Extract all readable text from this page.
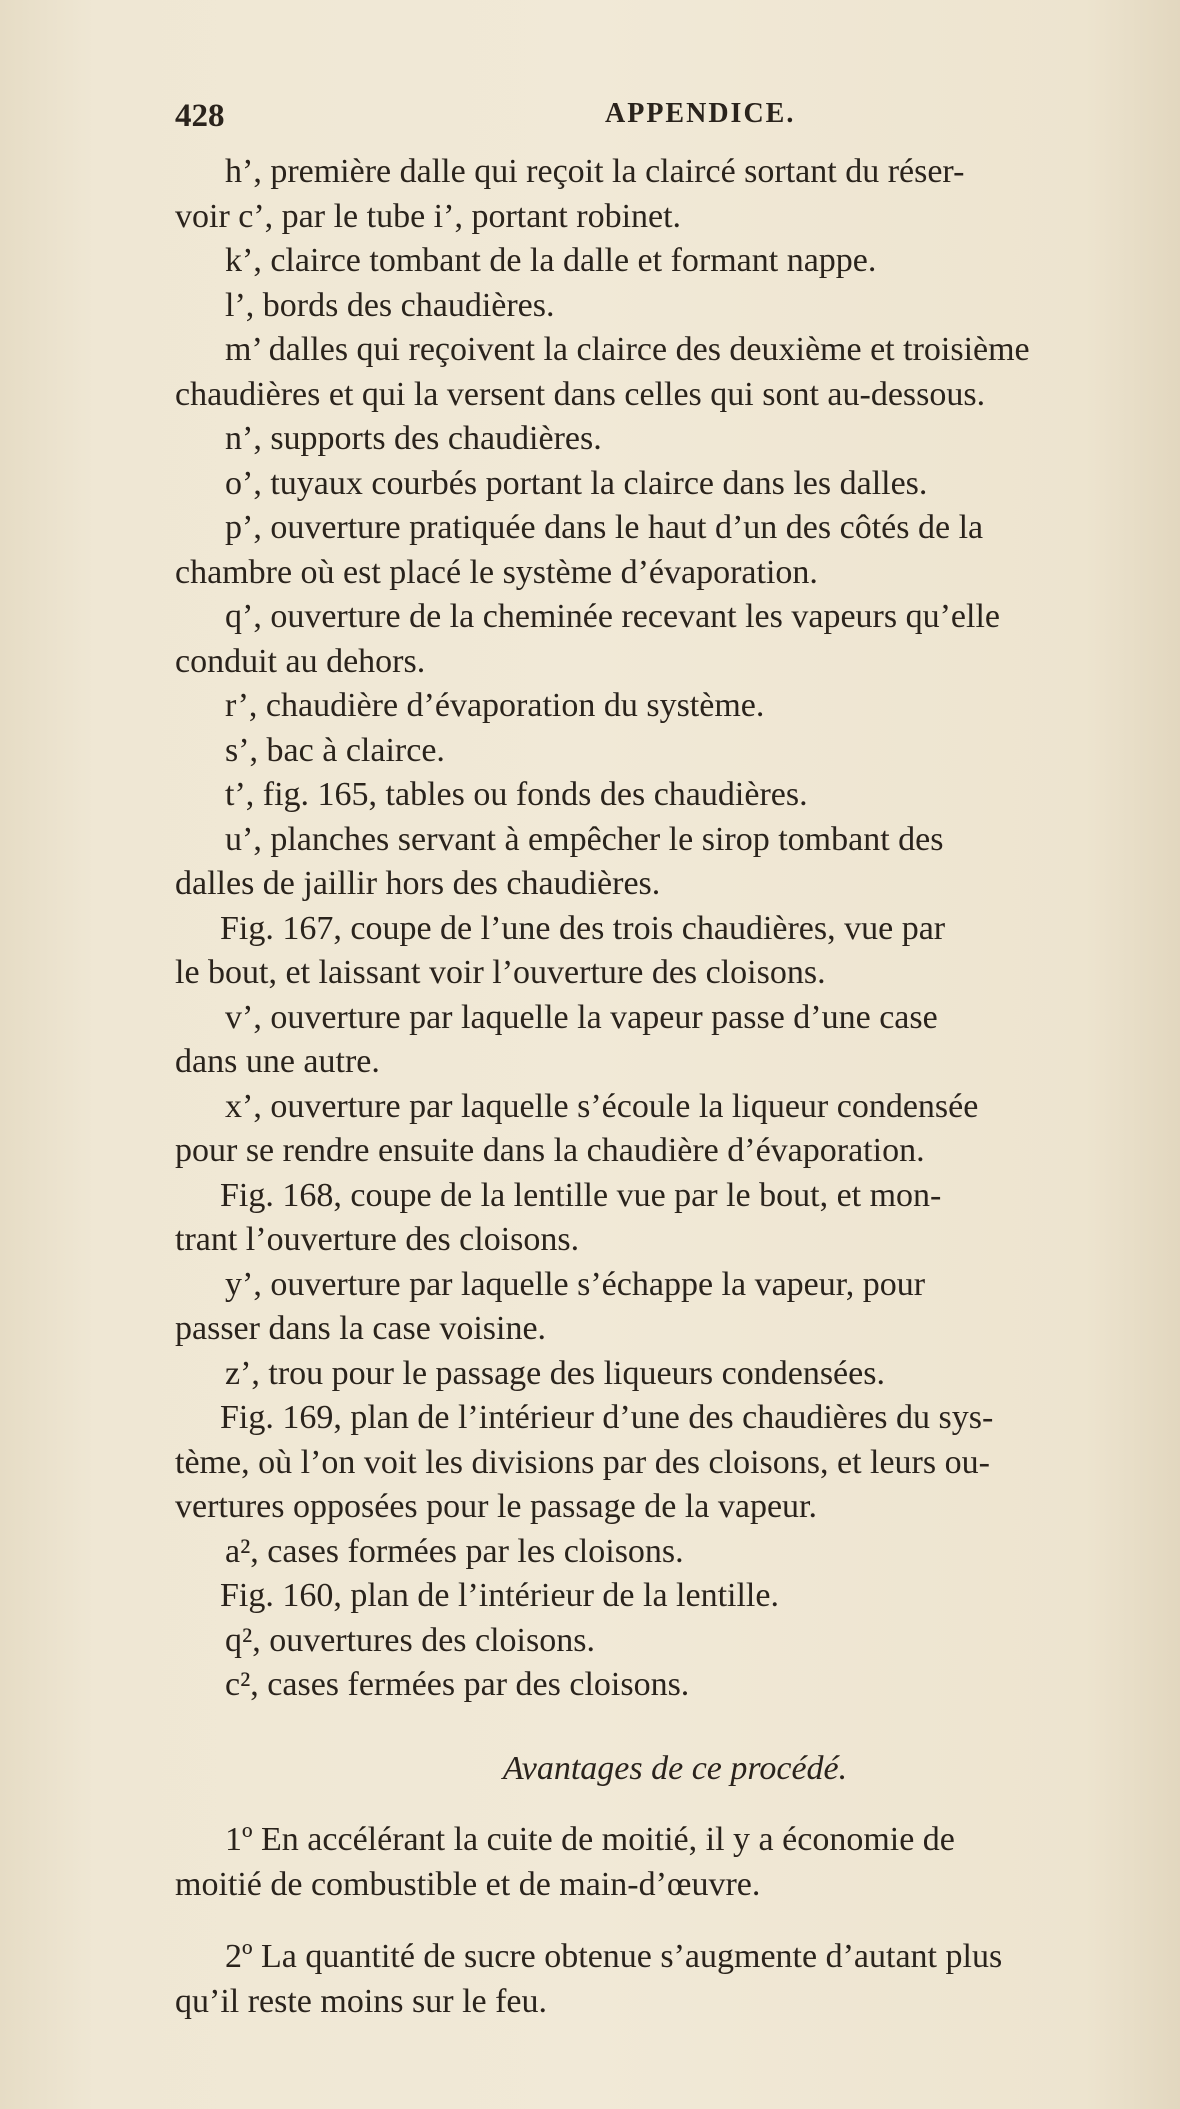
428	APPENDICE.
h’, première dalle qui reçoit la claircé sortant du réser-
voir c’, par le tube i’, portant robinet.
k’, clairce tombant de la dalle et formant nappe.
l’, bords des chaudières.
m’ dalles qui reçoivent la clairce des deuxième et troisième
chaudières et qui la versent dans celles qui sont au-dessous.
n’, supports des chaudières.
o’, tuyaux courbés portant la clairce dans les dalles.
p’, ouverture pratiquée dans le haut d’un des côtés de la
chambre où est placé le système d’évaporation.
q’, ouverture de la cheminée recevant les vapeurs qu’elle
conduit au dehors.
r’, chaudière d’évaporation du système.
s’, bac à clairce.
t’, fig. 165, tables ou fonds des chaudières.
u’, planches servant à empêcher le sirop tombant des
dalles de jaillir hors des chaudières.
Fig. 167, coupe de l’une des trois chaudières, vue par
le bout, et laissant voir l’ouverture des cloisons.
v’, ouverture par laquelle la vapeur passe d’une case
dans une autre.
x’, ouverture par laquelle s’écoule la liqueur condensée
pour se rendre ensuite dans la chaudière d’évaporation.
Fig. 168, coupe de la lentille vue par le bout, et mon-
trant l’ouverture des cloisons.
y’, ouverture par laquelle s’échappe la vapeur, pour
passer dans la case voisine.
z’, trou pour le passage des liqueurs condensées.
Fig. 169, plan de l’intérieur d’une des chaudières du sys-
tème, où l’on voit les divisions par des cloisons, et leurs ou-
vertures opposées pour le passage de la vapeur.
a², cases formées par les cloisons.
Fig. 160, plan de l’intérieur de la lentille.
q², ouvertures des cloisons.
c², cases fermées par des cloisons.
Avantages de ce procédé.
1º En accélérant la cuite de moitié, il y a économie de
moitié de combustible et de main-d’œuvre.
2º La quantité de sucre obtenue s’augmente d’autant plus
qu’il reste moins sur le feu.
